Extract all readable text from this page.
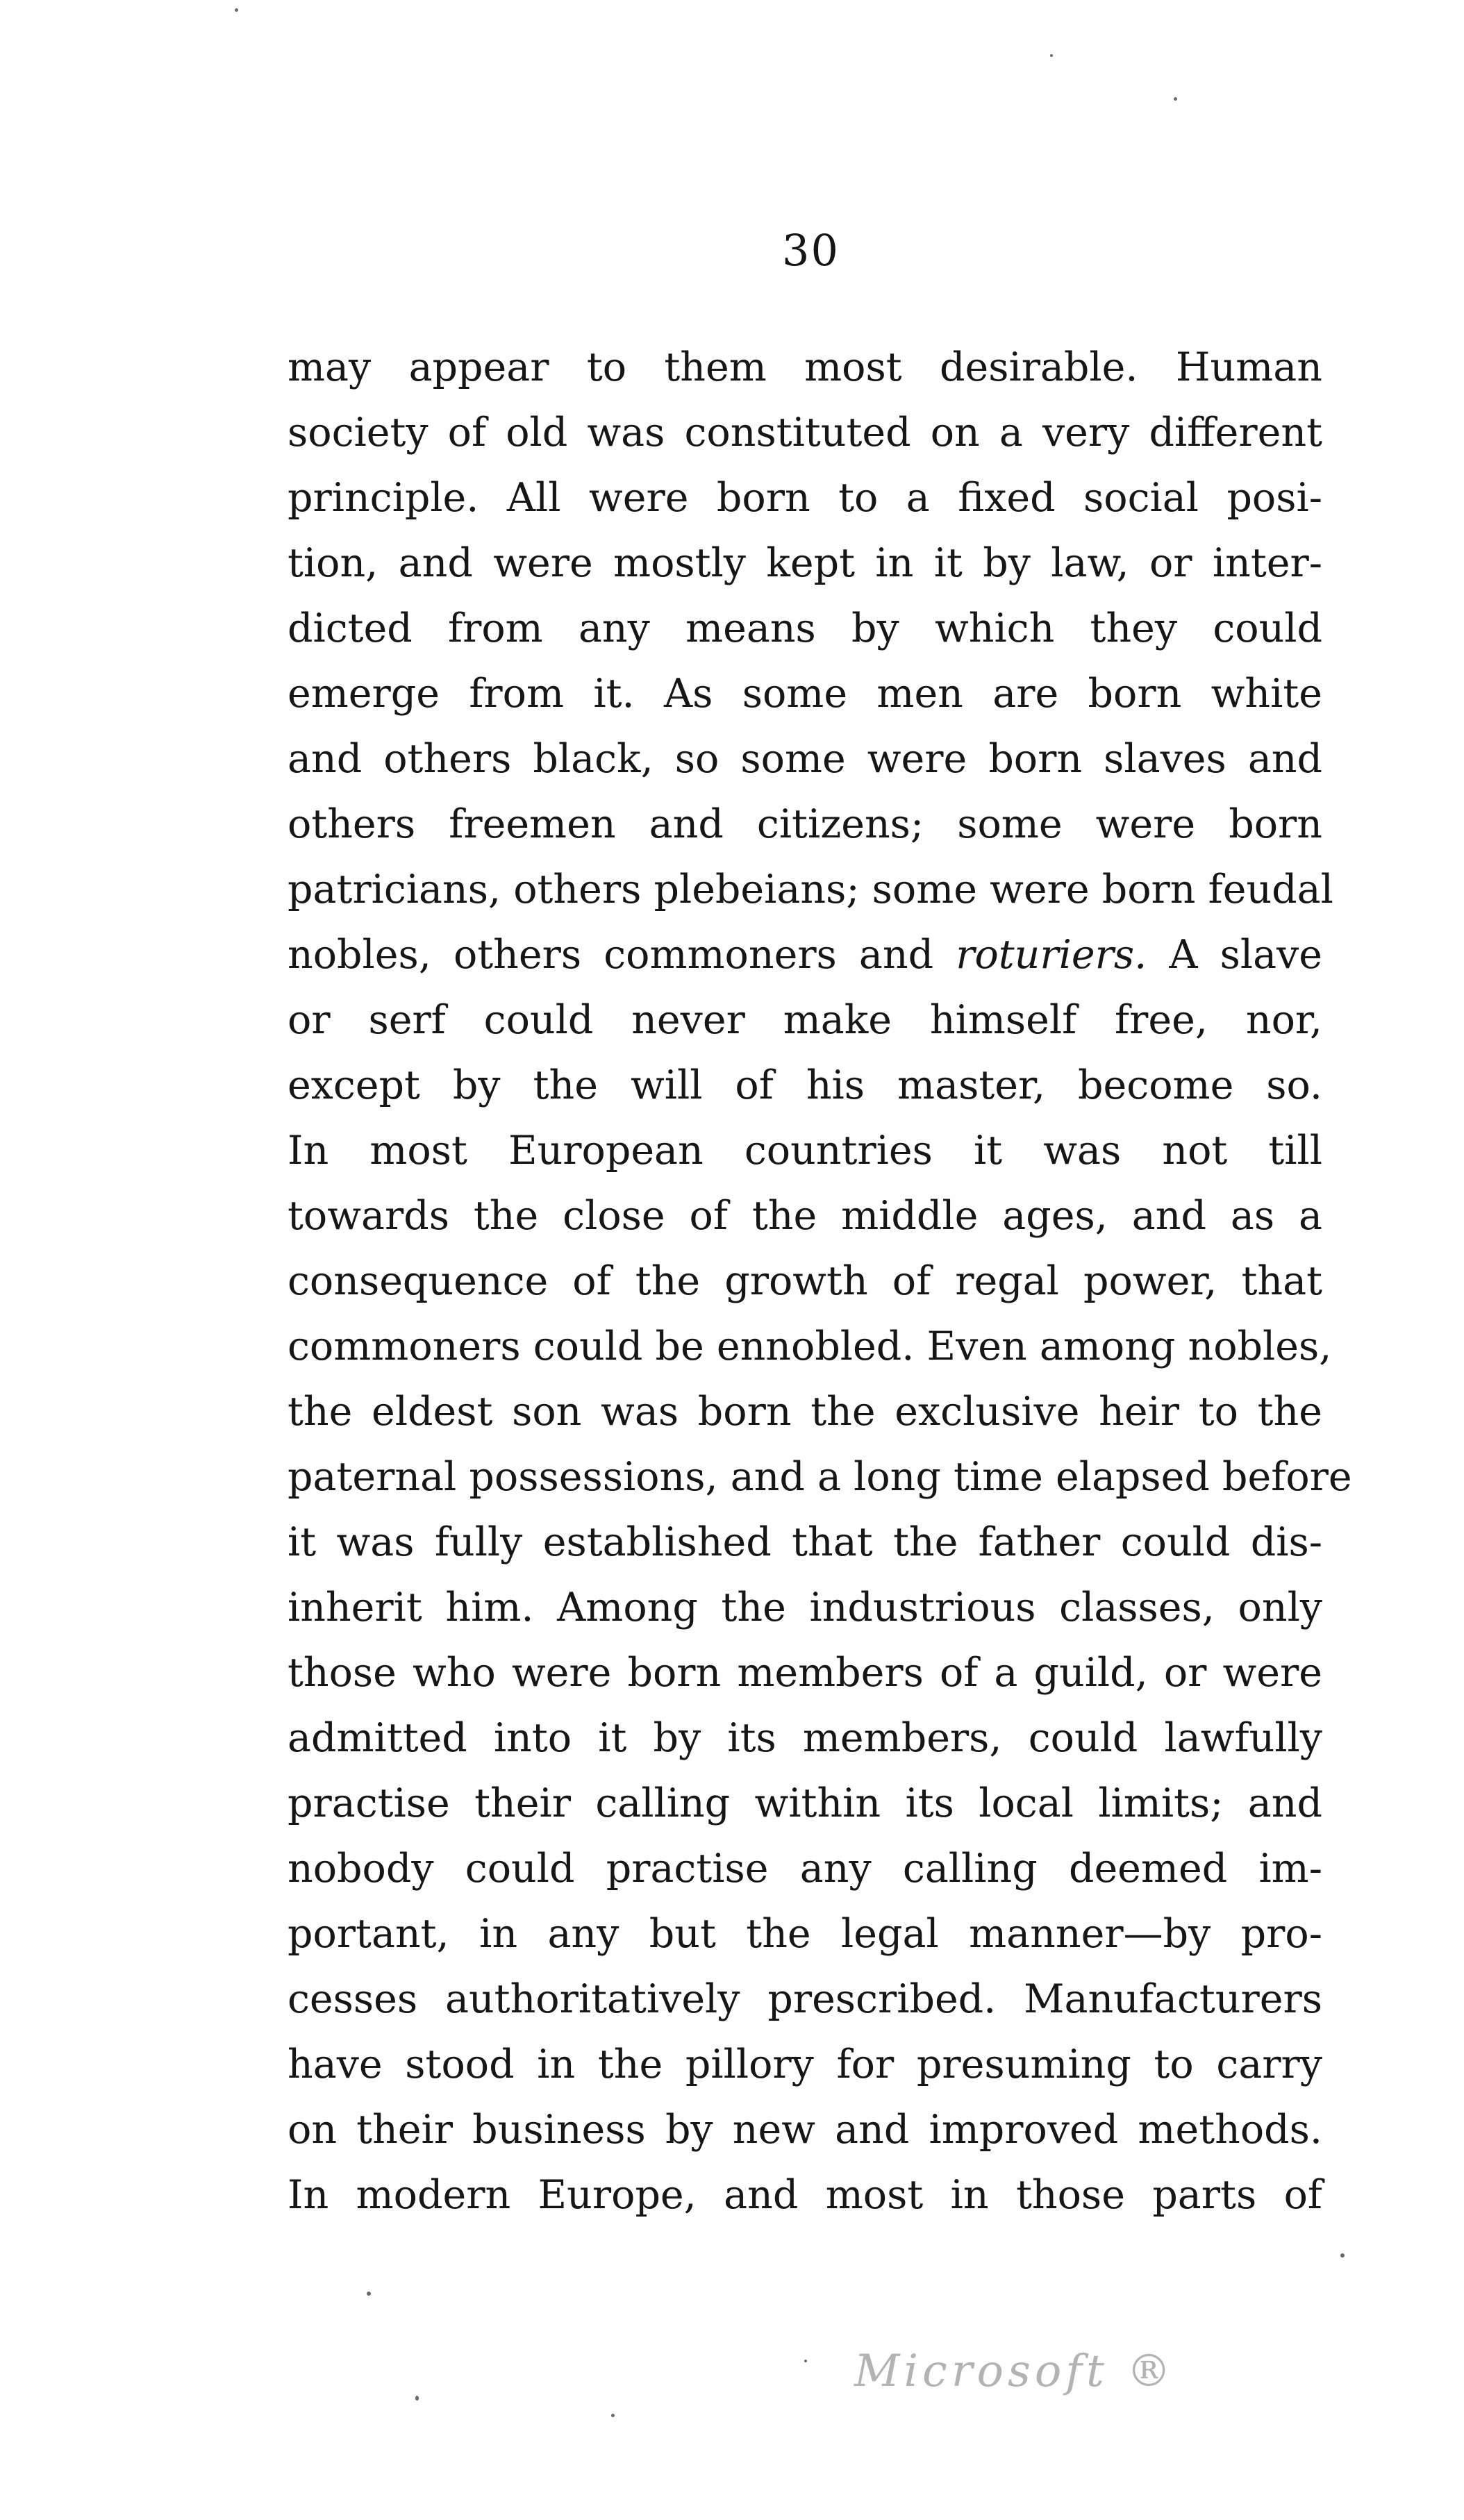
30
may appear to them most desirable. Human
society of old was constituted on a very different
principle. All were born to a fixed social posi-
tion, and were mostly kept in it by law, or inter-
dicted from any means by which they could
emerge from it. As some men are born white
and others black, so some were born slaves and
others freemen and citizens; some were born
patricians, others plebeians; some were born feudal
nobles, others commoners and roturiers. A slave
or serf could never make himself free, nor,
except by the will of his master, become so.
In most European countries it was not till
towards the close of the middle ages, and as a
consequence of the growth of regal power, that
commoners could be ennobled. Even among nobles,
the eldest son was born the exclusive heir to the
paternal possessions, and a long time elapsed before
it was fully established that the father could dis-
inherit him. Among the industrious classes, only
those who were born members of a guild, or were
admitted into it by its members, could lawfully
practise their calling within its local limits; and
nobody could practise any calling deemed im-
portant, in any but the legal manner—by pro-
cesses authoritatively prescribed. Manufacturers
have stood in the pillory for presuming to carry
on their business by new and improved methods.
In modern Europe, and most in those parts of
Microsoft ®
